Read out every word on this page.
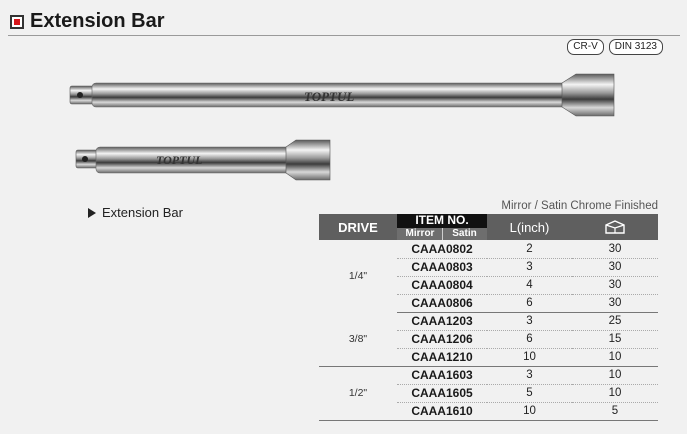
Extension Bar
CR-V	DIN 3123
TOPTUL
TOPTUL
Extension Bar	Mirror / Satin Chrome Finished
DRIVE	ITEM NO.	L(inch)	
	Mirror Satin		
1/4"	CAAA0802	2	30
	CAAA0803	3	30
	CAAA0804	4	30
	CAAA0806	6	30
3/8"	CAAA1203	3	25
	CAAA1206	6	15
	CAAA1210	10	10
1/2"	CAAA1603	3	10
	CAAA1605	5	10
	CAAA1610	10	5
